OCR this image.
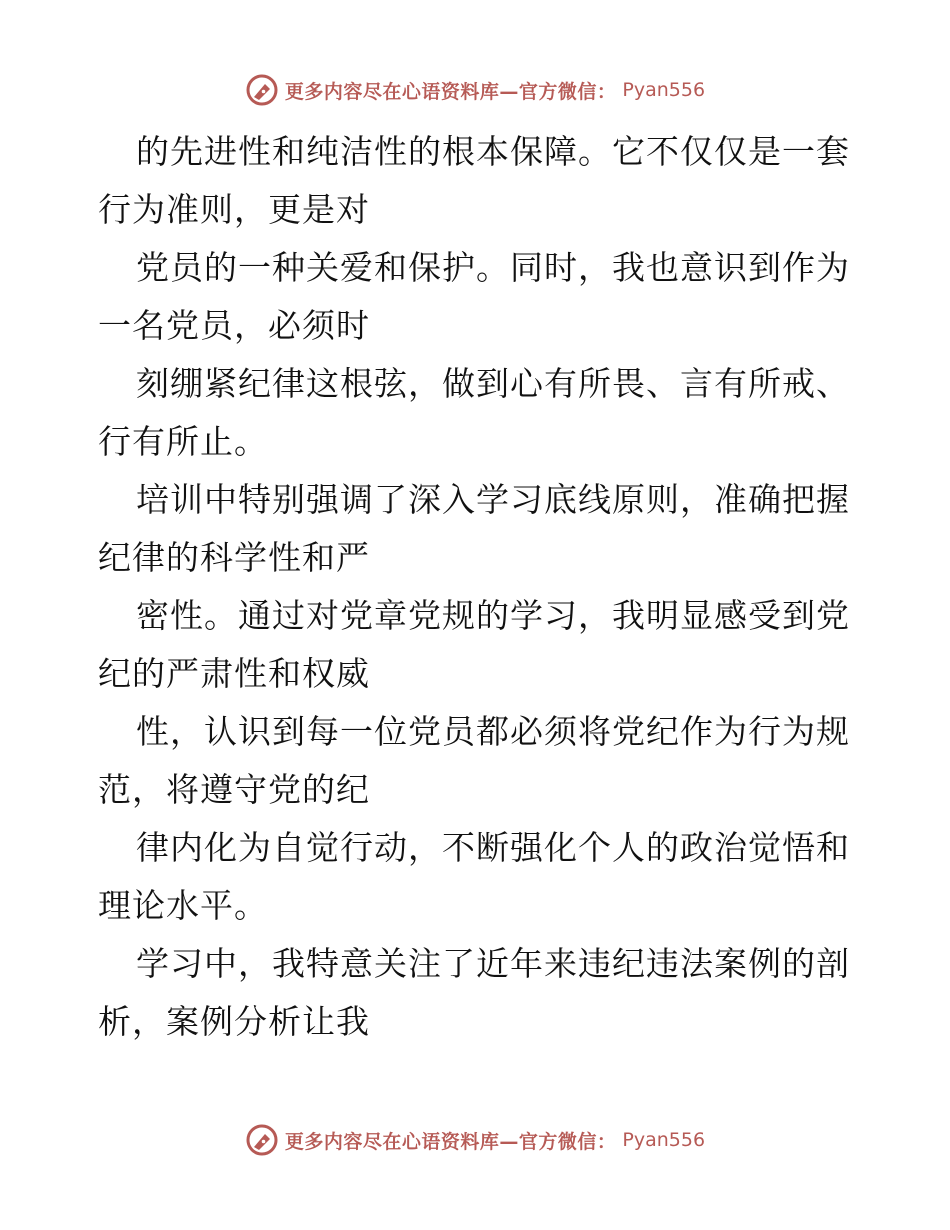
更多内容尽在心语资料库—官方微信： Pyan556
的先进性和纯洁性的根本保障。它不仅仅是一套
行为准则，更是对
党员的一种关爱和保护。同时，我也意识到作为
一名党员，必须时
刻绷紧纪律这根弦，做到心有所畏、言有所戒、
行有所止。
培训中特别强调了深入学习底线原则，准确把握
纪律的科学性和严
密性。通过对党章党规的学习，我明显感受到党
纪的严肃性和权威
性，认识到每一位党员都必须将党纪作为行为规
范，将遵守党的纪
律内化为自觉行动，不断强化个人的政治觉悟和
理论水平。
学习中，我特意关注了近年来违纪违法案例的剖
析，案例分析让我
更多内容尽在心语资料库—官方微信： Pyan556
